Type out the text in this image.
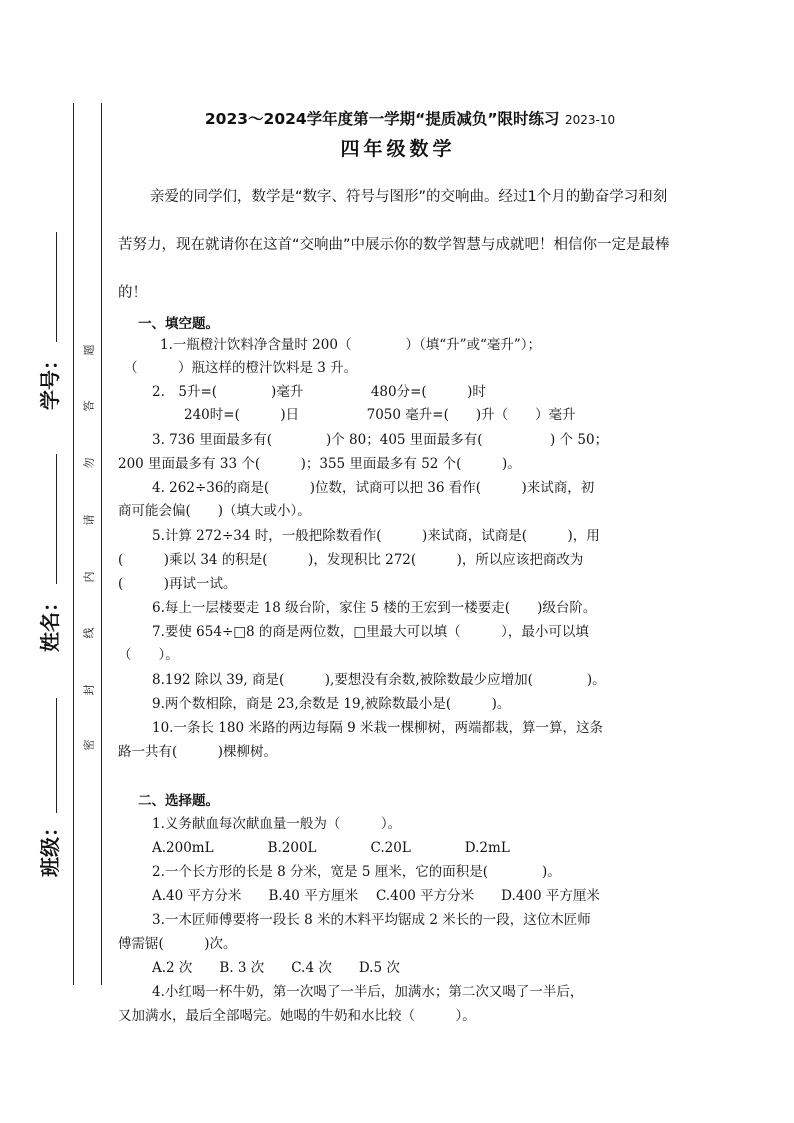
学号：
姓名：
班级：
题
答
勿
请
内
线
封
密
2023～2024学年度第一学期“提质减负”限时练习 2023-10
四年级数学
亲爱的同学们，数学是“数字、符号与图形”的交响曲。经过1个月的勤奋学习和刻苦努力，现在就请你在这首“交响曲”中展示你的数学智慧与成就吧！相信你一定是最棒的！
一、填空题。
1.一瓶橙汁饮料净含量时 200（　　　　）（填“升”或“毫升”）；
（　　　）瓶这样的橙汁饮料是 3 升。
2.　5升=(　　　　)毫升　　　　　480分=(　　　)时
240时=(　　　)日　　　　　7050 毫升=(　　)升（　　）毫升
3. 736 里面最多有(　　　　)个 80；405 里面最多有(　　　　　) 个 50；
200 里面最多有 33 个(　　　)；355 里面最多有 52 个(　　　)。
4. 262÷36的商是(　　　)位数，试商可以把 36 看作(　　　)来试商，初
商可能会偏(　　)（填大或小）。
5.计算 272÷34 时，一般把除数看作(　　　)来试商，试商是(　　　)，用
(　　　)乘以 34 的积是(　　　)，发现积比 272(　　　)，所以应该把商改为
(　　　)再试一试。
6.每上一层楼要走 18 级台阶，家住 5 楼的王宏到一楼要走(　　)级台阶。
7.要使 654÷□8 的商是两位数，□里最大可以填（　　　），最小可以填
（　　）。
8.192 除以 39, 商是(　　　),要想没有余数,被除数最少应增加(　　　　)。
9.两个数相除，商是 23,余数是 19,被除数最小是(　　　)。
10.一条长 180 米路的两边每隔 9 米栽一棵柳树，两端都栽，算一算，这条
路一共有(　　　)棵柳树。
二、选择题。
1.义务献血每次献血量一般为（　　　）。
A.200mL　　　　B.200L　　　　C.20L　　　　D.2mL
2.一个长方形的长是 8 分米，宽是 5 厘米，它的面积是(　　　　)。
A.40 平方分米　　B.40 平方厘米　 C.400 平方分米　　D.400 平方厘米
3.一木匠师傅要将一段长 8 米的木料平均锯成 2 米长的一段，这位木匠师
傅需锯(　　　)次。
A.2 次　　B. 3 次　　C.4 次　　D.5 次
4.小红喝一杯牛奶，第一次喝了一半后，加满水；第二次又喝了一半后，
又加满水，最后全部喝完。她喝的牛奶和水比较（　　　）。
